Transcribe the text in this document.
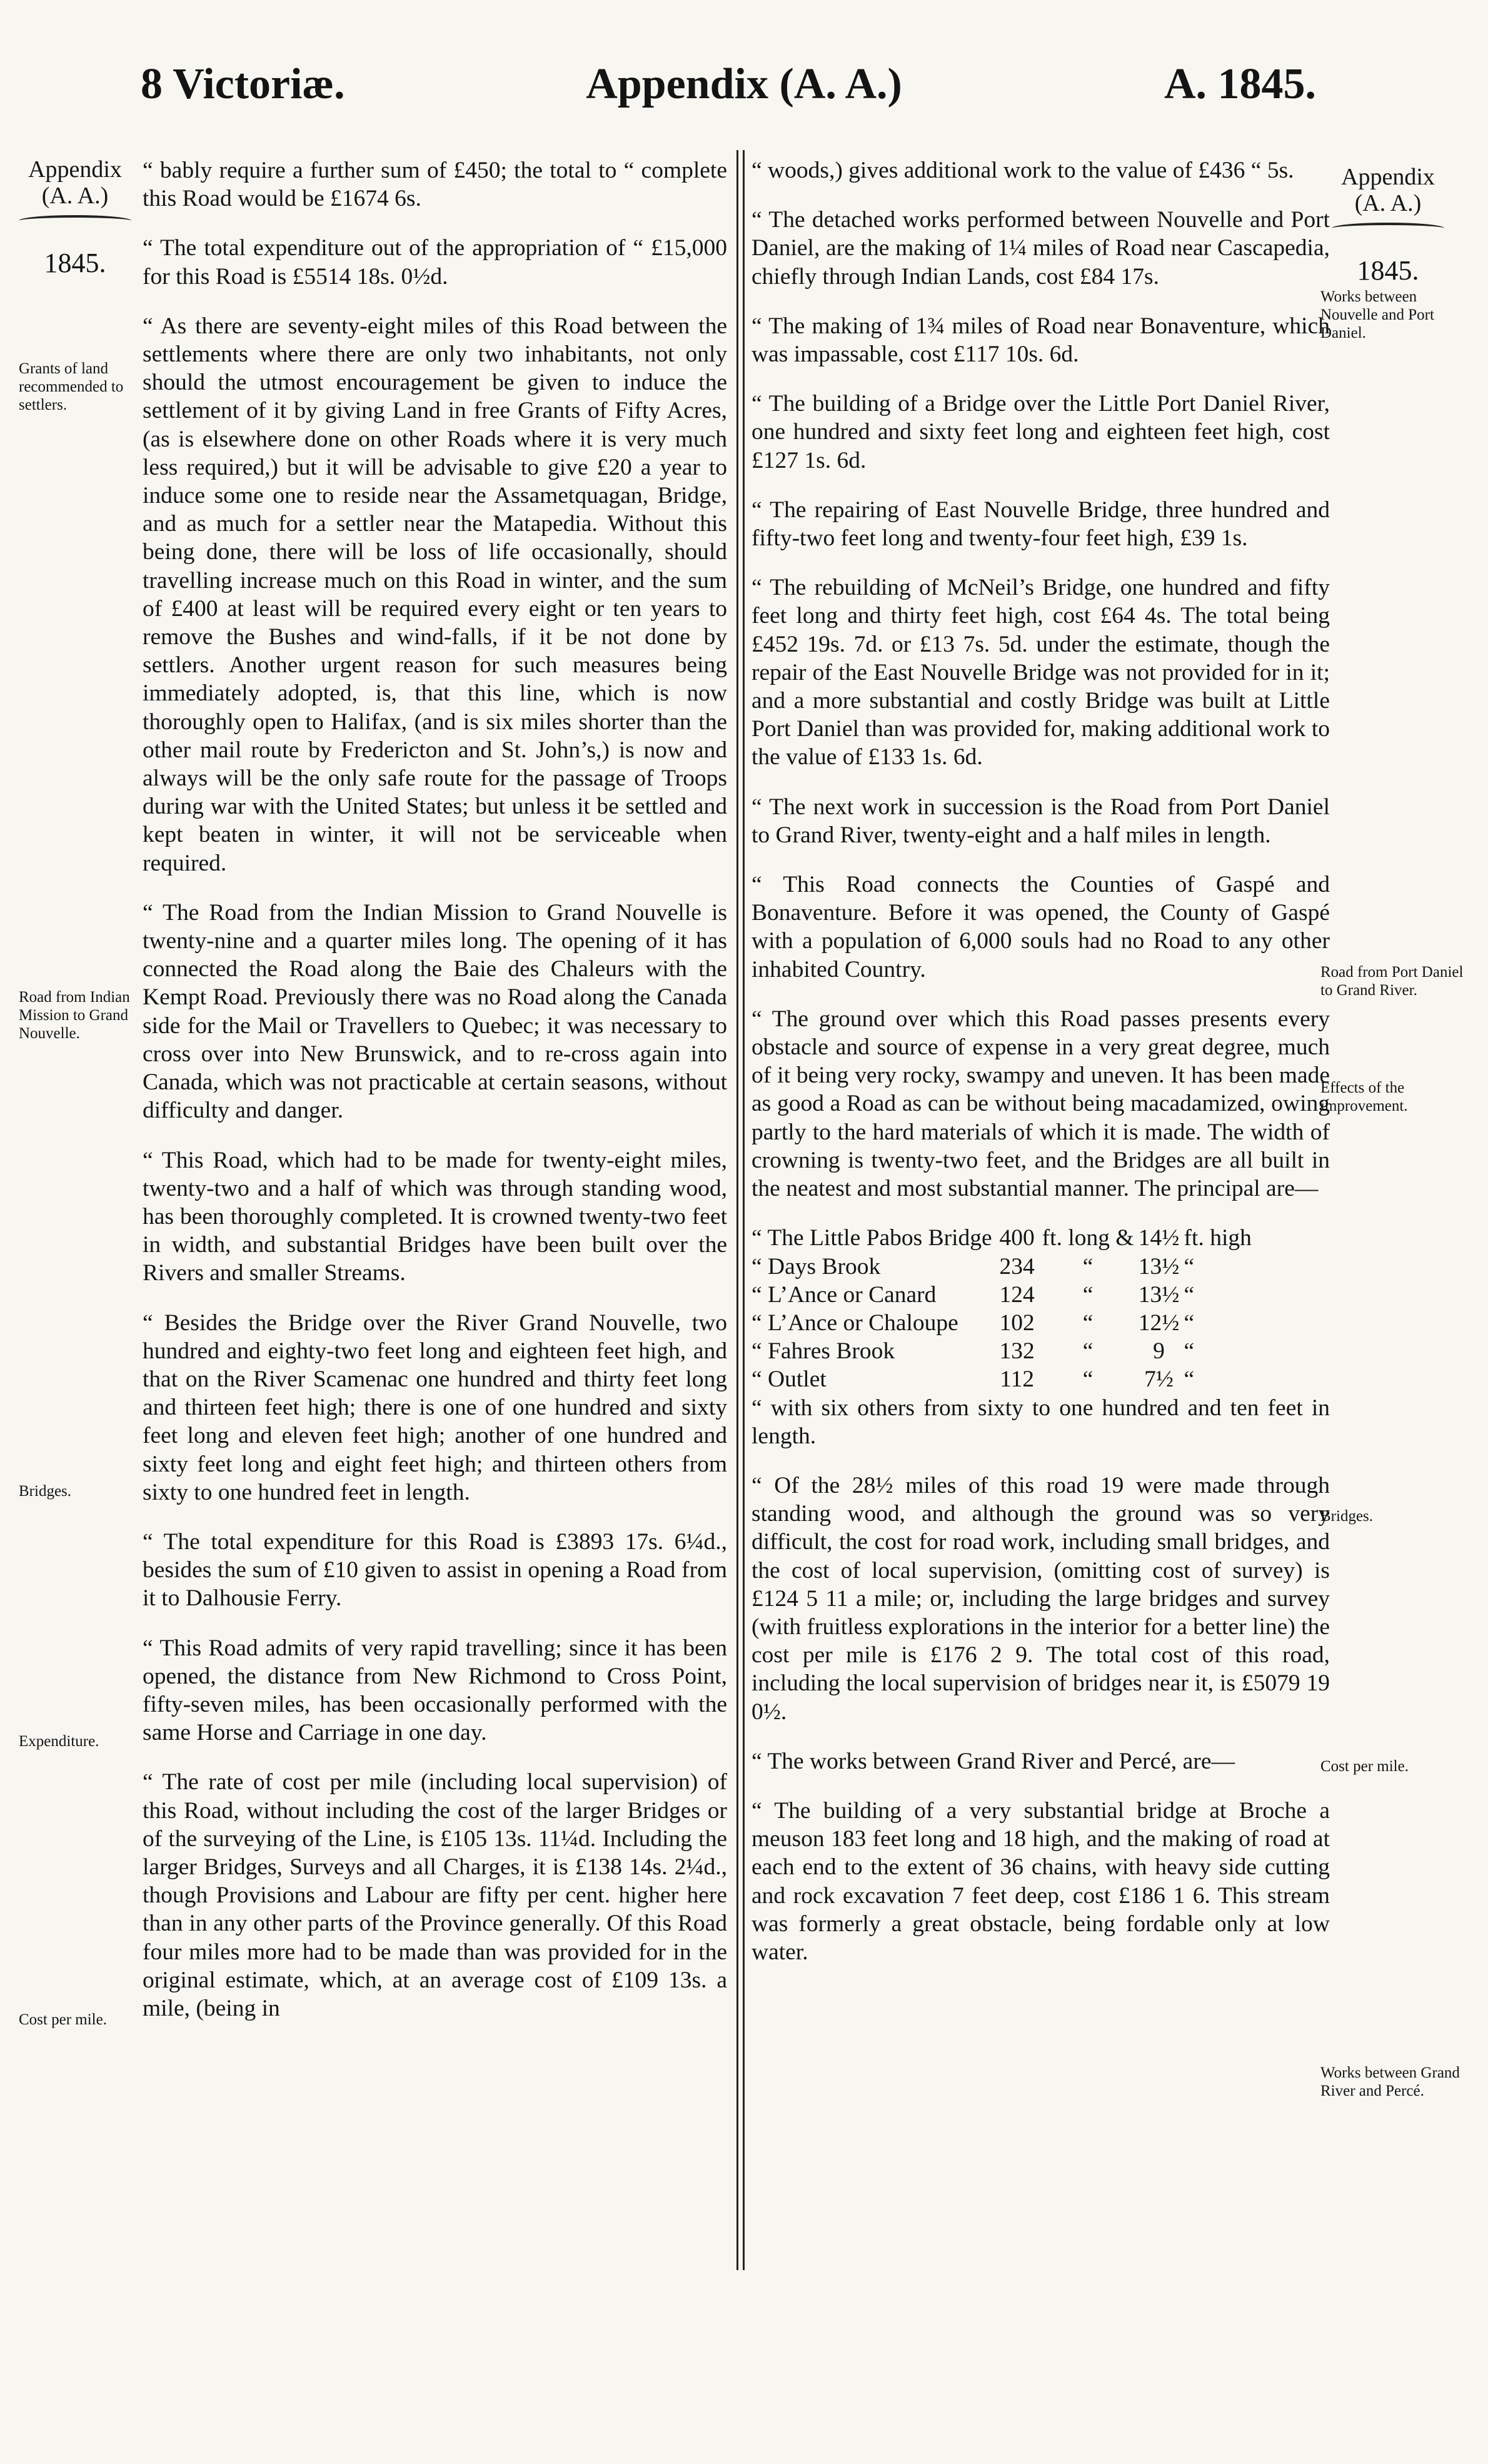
8 Victoriæ.	Appendix (A. A.)	A. 1845.
Appendix
(A. A.)
1845.
Appendix
(A. A.)
1845.
Grants of land recommended to settlers.
Road from Indian Mission to Grand Nouvelle.
Bridges.
Expenditure.
Cost per mile.
Works between Nouvelle and Port Daniel.
Road from Port Daniel to Grand River.
Effects of the improvement.
Bridges.
Cost per mile.
Works between Grand River and Percé.

“ bably require a further sum of £450; the total to “ complete this Road would be £1674 6s.

“ The total expenditure out of the appropriation of “ £15,000 for this Road is £5514 18s. 0½d.

“ As there are seventy-eight miles of this Road between the settlements where there are only two inhabitants, not only should the utmost encouragement be given to induce the settlement of it by giving Land in free Grants of Fifty Acres, (as is elsewhere done on other Roads where it is very much less required,) but it will be advisable to give £20 a year to induce some one to reside near the Assametquagan, Bridge, and as much for a settler near the Matapedia. Without this being done, there will be loss of life occasionally, should travelling increase much on this Road in winter, and the sum of £400 at least will be required every eight or ten years to remove the Bushes and wind-falls, if it be not done by settlers. Another urgent reason for such measures being immediately adopted, is, that this line, which is now thoroughly open to Halifax, (and is six miles shorter than the other mail route by Fredericton and St. John’s,) is now and always will be the only safe route for the passage of Troops during war with the United States; but unless it be settled and kept beaten in winter, it will not be serviceable when required.

“ The Road from the Indian Mission to Grand Nouvelle is twenty-nine and a quarter miles long. The opening of it has connected the Road along the Baie des Chaleurs with the Kempt Road. Previously there was no Road along the Canada side for the Mail or Travellers to Quebec; it was necessary to cross over into New Brunswick, and to re-cross again into Canada, which was not practicable at certain seasons, without difficulty and danger.

“ This Road, which had to be made for twenty-eight miles, twenty-two and a half of which was through standing wood, has been thoroughly completed. It is crowned twenty-two feet in width, and substantial Bridges have been built over the Rivers and smaller Streams.

“ Besides the Bridge over the River Grand Nouvelle, two hundred and eighty-two feet long and eighteen feet high, and that on the River Scamenac one hundred and thirty feet long and thirteen feet high; there is one of one hundred and sixty feet long and eleven feet high; another of one hundred and sixty feet long and eight feet high; and thirteen others from sixty to one hundred feet in length.

“ The total expenditure for this Road is £3893 17s. 6¼d., besides the sum of £10 given to assist in opening a Road from it to Dalhousie Ferry.

“ This Road admits of very rapid travelling; since it has been opened, the distance from New Richmond to Cross Point, fifty-seven miles, has been occasionally performed with the same Horse and Carriage in one day.

“ The rate of cost per mile (including local supervision) of this Road, without including the cost of the larger Bridges or of the surveying of the Line, is £105 13s. 11¼d. Including the larger Bridges, Surveys and all Charges, it is £138 14s. 2¼d., though Provisions and Labour are fifty per cent. higher here than in any other parts of the Province generally. Of this Road four miles more had to be made than was provided for in the original estimate, which, at an average cost of £109 13s. a mile, (being in

“ woods,) gives additional work to the value of £436 “ 5s.

“ The detached works performed between Nouvelle and Port Daniel, are the making of 1¼ miles of Road near Cascapedia, chiefly through Indian Lands, cost £84 17s.

“ The making of 1¾ miles of Road near Bonaventure, which was impassable, cost £117 10s. 6d.

“ The building of a Bridge over the Little Port Daniel River, one hundred and sixty feet long and eighteen feet high, cost £127 1s. 6d.

“ The repairing of East Nouvelle Bridge, three hundred and fifty-two feet long and twenty-four feet high, £39 1s.

“ The rebuilding of McNeil’s Bridge, one hundred and fifty feet long and thirty feet high, cost £64 4s. The total being £452 19s. 7d. or £13 7s. 5d. under the estimate, though the repair of the East Nouvelle Bridge was not provided for in it; and a more substantial and costly Bridge was built at Little Port Daniel than was provided for, making additional work to the value of £133 1s. 6d.

“ The next work in succession is the Road from Port Daniel to Grand River, twenty-eight and a half miles in length.

“ This Road connects the Counties of Gaspé and Bonaventure. Before it was opened, the County of Gaspé with a population of 6,000 souls had no Road to any other inhabited Country.

“ The ground over which this Road passes presents every obstacle and source of expense in a very great degree, much of it being very rocky, swampy and uneven. It has been made as good a Road as can be without being macadamized, owing partly to the hard materials of which it is made. The width of crowning is twenty-two feet, and the Bridges are all built in the neatest and most substantial manner. The principal are—

“ The Little Pabos Bridge	400	ft. long &	14½	ft. high
“ Days Brook	234	“	13½	“
“ L’Ance or Canard	124	“	13½	“
“ L’Ance or Chaloupe	102	“	12½	“
“ Fahres Brook	132	“	9	“
“ Outlet	112	“	7½	“

“ with six others from sixty to one hundred and ten feet in length.

“ Of the 28½ miles of this road 19 were made through standing wood, and although the ground was so very difficult, the cost for road work, including small bridges, and the cost of local supervision, (omitting cost of survey) is £124 5 11 a mile; or, including the large bridges and survey (with fruitless explorations in the interior for a better line) the cost per mile is £176 2 9. The total cost of this road, including the local supervision of bridges near it, is £5079 19 0½.

“ The works between Grand River and Percé, are—

“ The building of a very substantial bridge at Broche a meuson 183 feet long and 18 high, and the making of road at each end to the extent of 36 chains, with heavy side cutting and rock excavation 7 feet deep, cost £186 1 6. This stream was formerly a great obstacle, being fordable only at low water.
